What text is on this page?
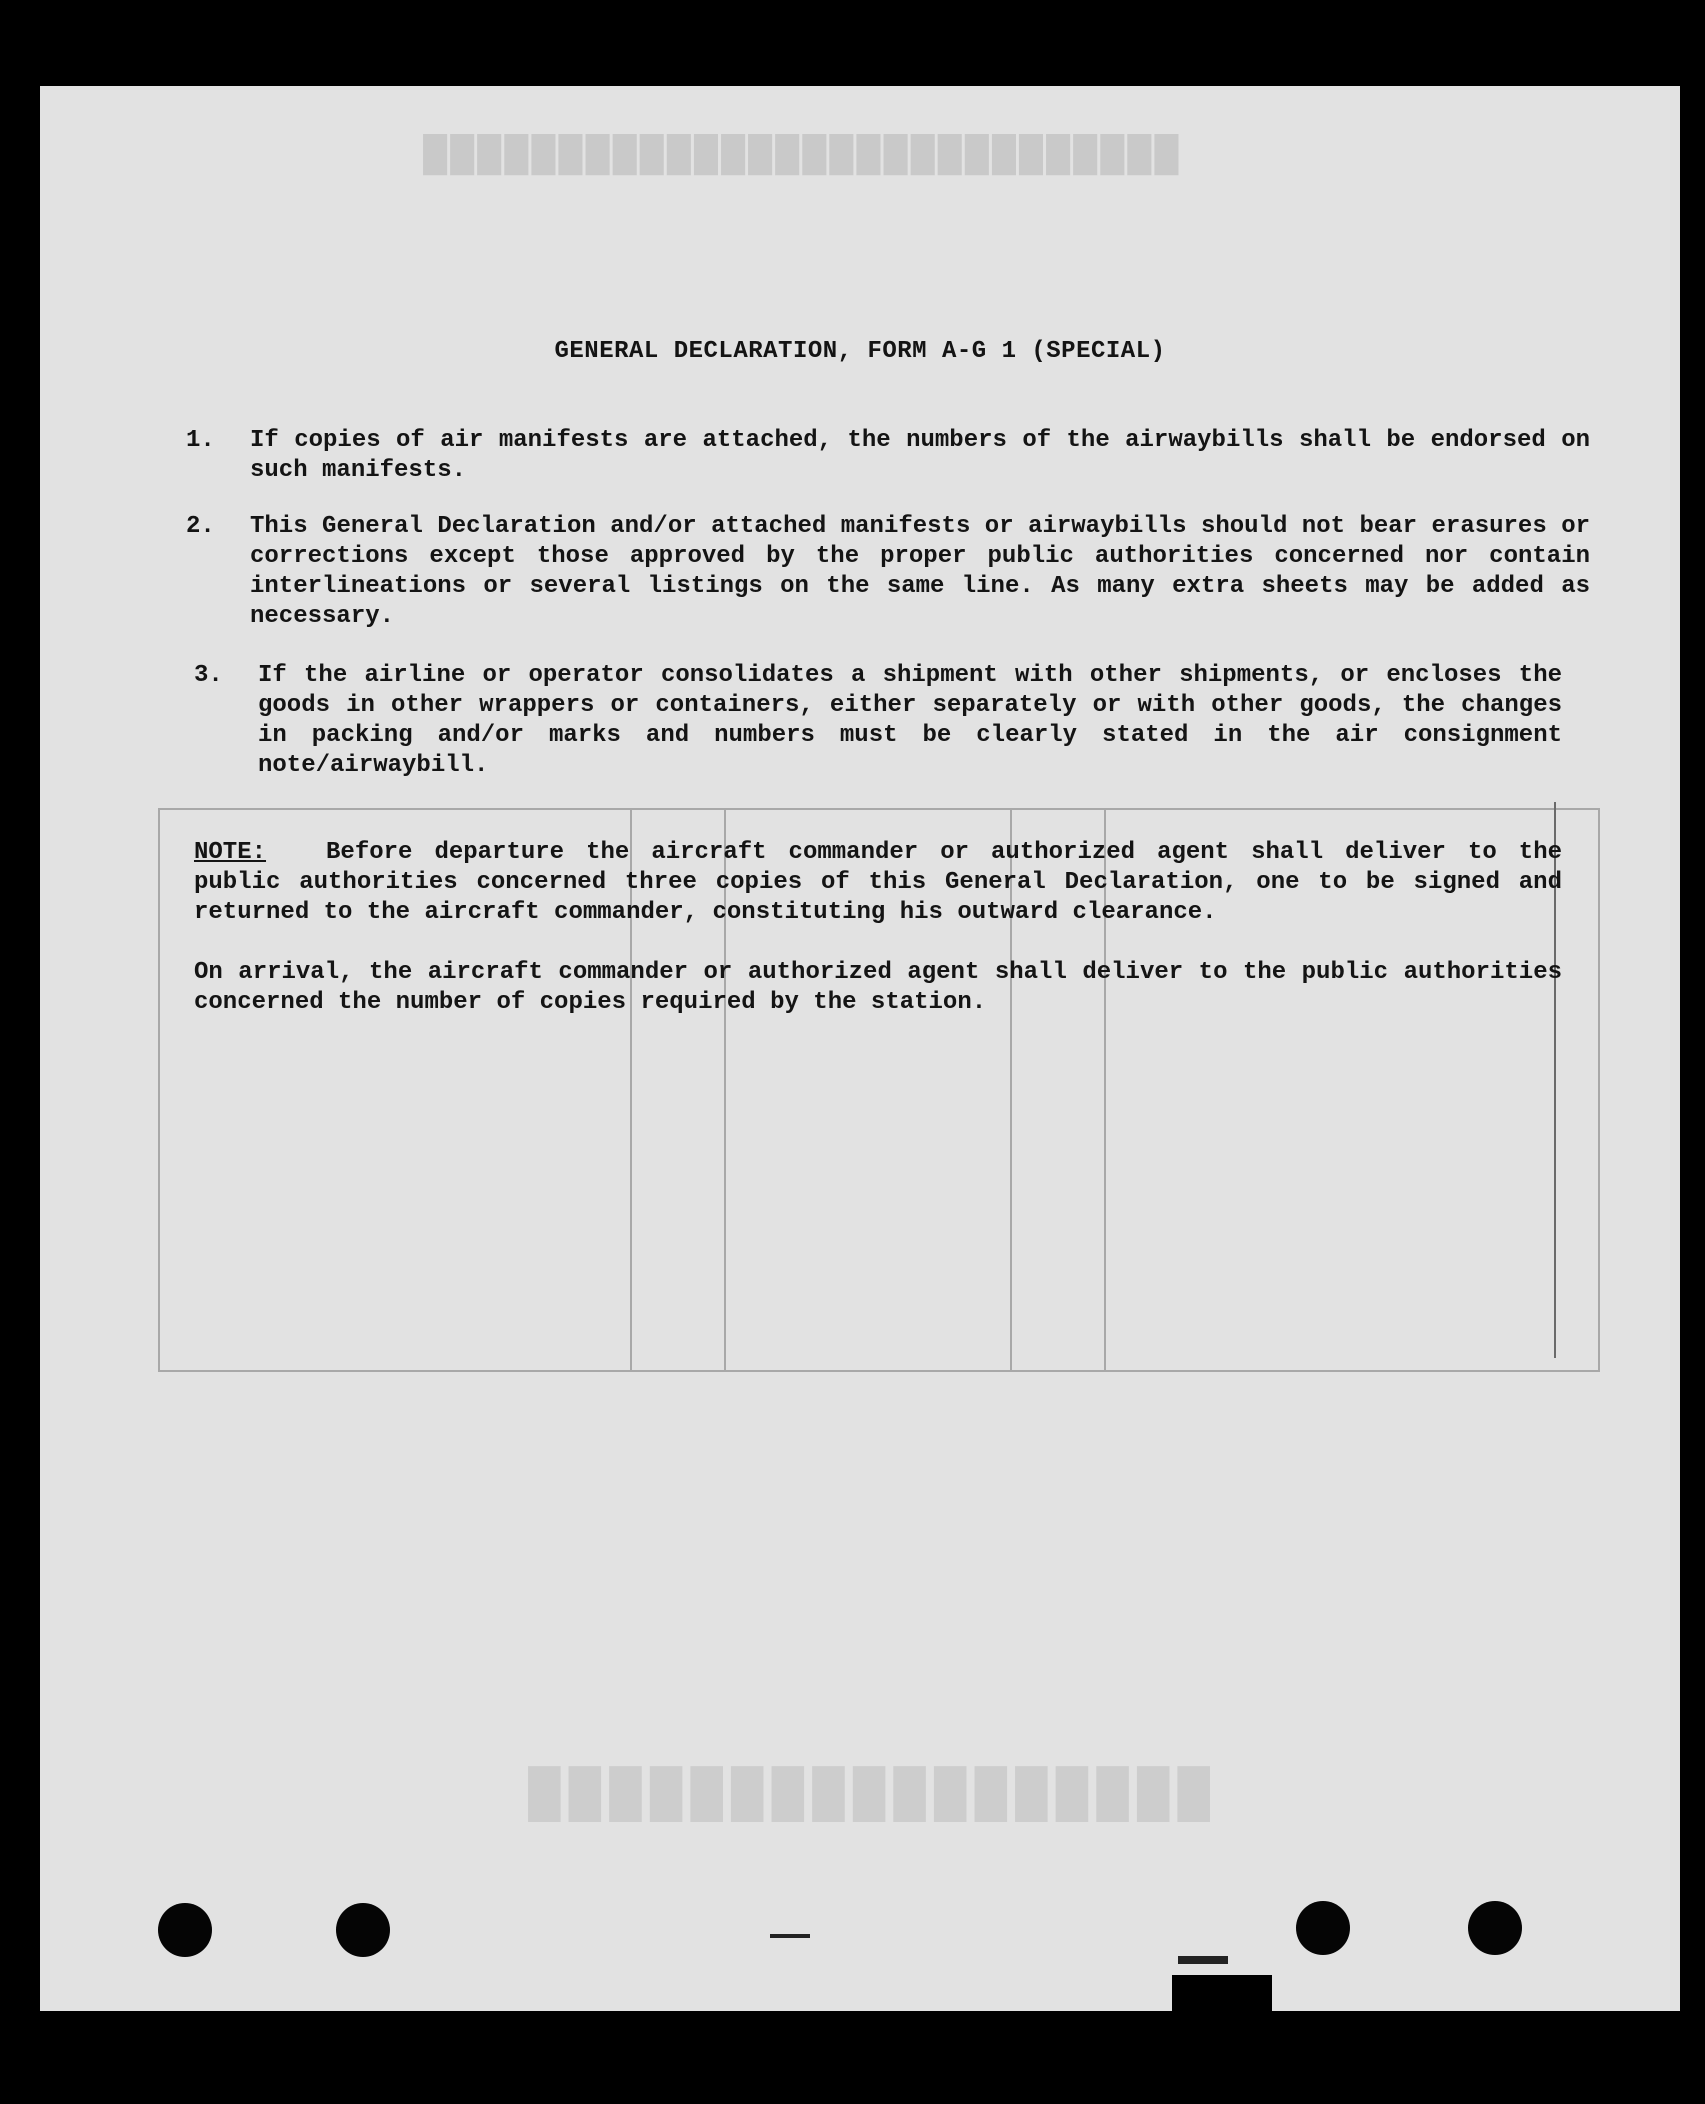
████████████████████████████
█████████████████
GENERAL DECLARATION, FORM A-G 1 (SPECIAL)
1. If copies of air manifests are attached, the numbers of the airwaybills shall be endorsed on such manifests.
2. This General Declaration and/or attached manifests or airwaybills should not bear erasures or corrections except those approved by the proper public authorities concerned nor contain interlineations or several listings on the same line. As many extra sheets may be added as necessary.
3. If the airline or operator consolidates a shipment with other shipments, or encloses the goods in other wrappers or containers, either separately or with other goods, the changes in packing and/or marks and numbers must be clearly stated in the air consignment note/airwaybill.

NOTE:	Before departure the aircraft commander or authorized agent shall deliver to the public authorities concerned three copies of this General Declaration, one to be signed and returned to the aircraft commander, constituting his outward clearance.

On arrival, the aircraft commander or authorized agent shall deliver to the public authorities concerned the number of copies required by the station.
